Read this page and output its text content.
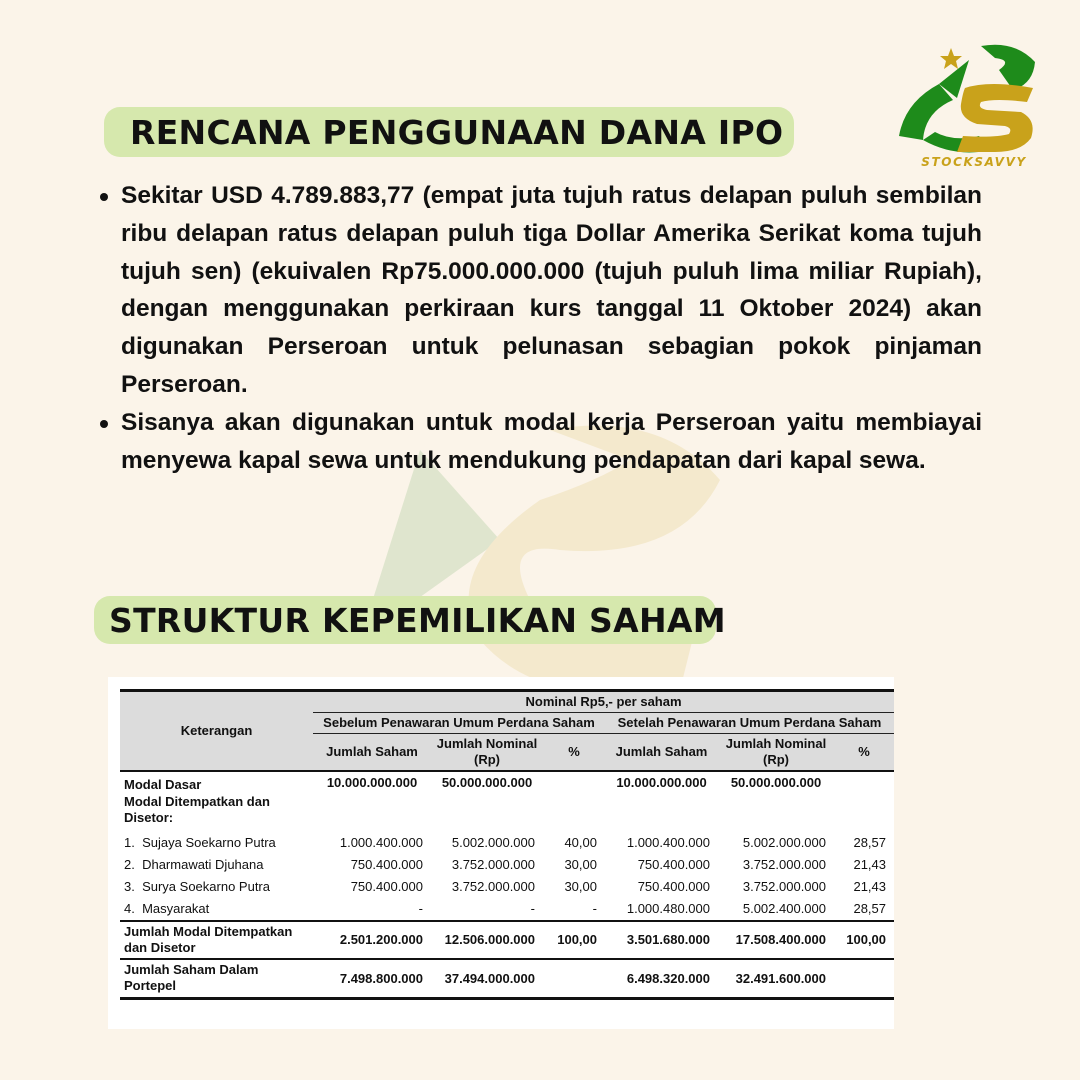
RENCANA PENGGUNAAN DANA IPO
STOCKSAVVY
Sekitar USD 4.789.883,77 (empat juta tujuh ratus delapan puluh sembilan ribu delapan ratus delapan puluh tiga Dollar Amerika Serikat koma tujuh tujuh sen) (ekuivalen Rp75.000.000.000 (tujuh puluh lima miliar Rupiah), dengan menggunakan perkiraan kurs tanggal 11 Oktober 2024) akan digunakan Perseroan untuk pelunasan sebagian pokok pinjaman Perseroan.
Sisanya akan digunakan untuk modal kerja Perseroan yaitu membiayai menyewa kapal sewa untuk mendukung pendapatan dari kapal sewa.
STRUKTUR KEPEMILIKAN SAHAM
Keterangan	Nominal Rp5,- per saham					
	Sebelum Penawaran Umum Perdana Saham			Setelah Penawaran Umum Perdana Saham		
	Jumlah Saham	Jumlah Nominal (Rp)	%	Jumlah Saham	Jumlah Nominal (Rp)	%
Modal Dasar	10.000.000.000	50.000.000.000		10.000.000.000	50.000.000.000	
Modal Ditempatkan dan Disetor:						
1. Sujaya Soekarno Putra	1.000.400.000	5.002.000.000	40,00	1.000.400.000	5.002.000.000	28,57
2. Dharmawati Djuhana	750.400.000	3.752.000.000	30,00	750.400.000	3.752.000.000	21,43
3. Surya Soekarno Putra	750.400.000	3.752.000.000	30,00	750.400.000	3.752.000.000	21,43
4. Masyarakat	-	-	-	1.000.480.000	5.002.400.000	28,57
Jumlah Modal Ditempatkan dan Disetor	2.501.200.000	12.506.000.000	100,00	3.501.680.000	17.508.400.000	100,00
Jumlah Saham Dalam Portepel	7.498.800.000	37.494.000.000		6.498.320.000	32.491.600.000	
